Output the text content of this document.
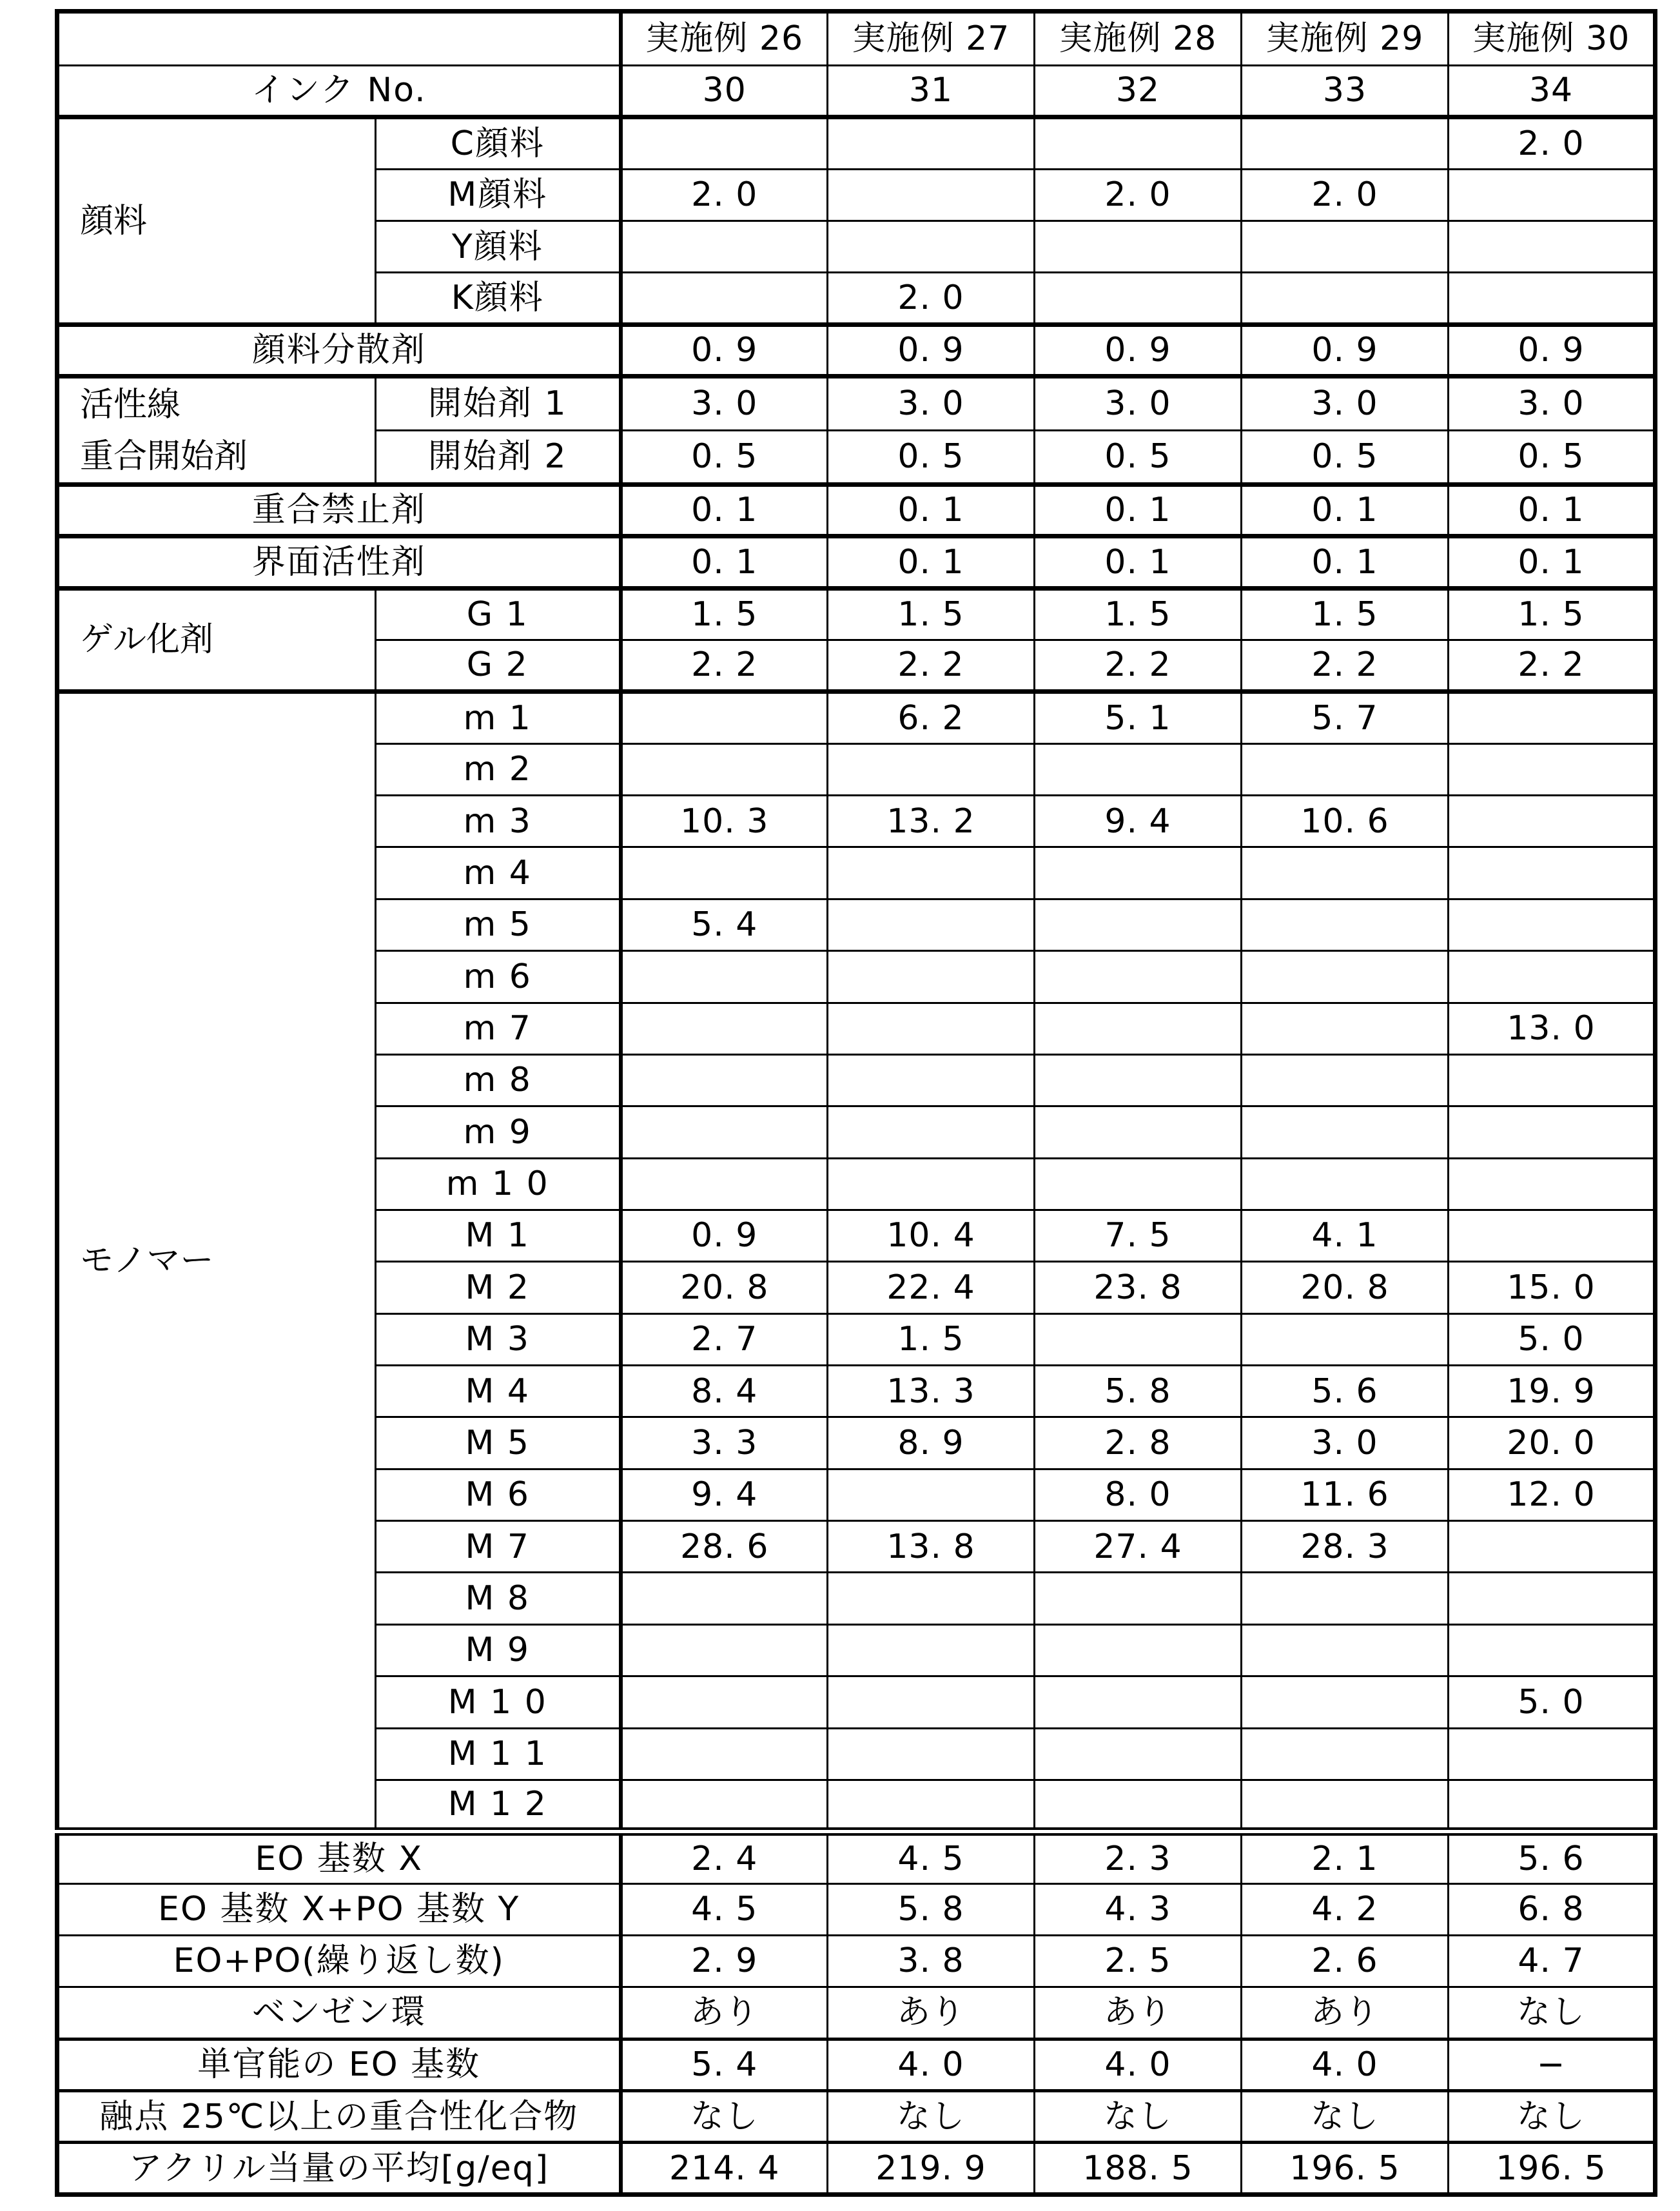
		実施例 26	実施例 27	実施例 28	実施例 29	実施例 30
インク No.		30	31	32	33	34
顔料	C顔料					2. 0
	M顔料	2. 0		2. 0	2. 0	
	Y顔料					
	K顔料		2. 0			
顔料分散剤		0. 9	0. 9	0. 9	0. 9	0. 9
活性線
重合開始剤	開始剤 1	3. 0	3. 0	3. 0	3. 0	3. 0
	開始剤 2	0. 5	0. 5	0. 5	0. 5	0. 5
重合禁止剤		0. 1	0. 1	0. 1	0. 1	0. 1
界面活性剤		0. 1	0. 1	0. 1	0. 1	0. 1
ゲル化剤	G 1	1. 5	1. 5	1. 5	1. 5	1. 5
	G 2	2. 2	2. 2	2. 2	2. 2	2. 2
モノマー	m 1		6. 2	5. 1	5. 7	
	m 2					
	m 3	10. 3	13. 2	9. 4	10. 6	
	m 4					
	m 5	5. 4				
	m 6					
	m 7					13. 0
	m 8					
	m 9					
	m 1 0					
	M 1	0. 9	10. 4	7. 5	4. 1	
	M 2	20. 8	22. 4	23. 8	20. 8	15. 0
	M 3	2. 7	1. 5			5. 0
	M 4	8. 4	13. 3	5. 8	5. 6	19. 9
	M 5	3. 3	8. 9	2. 8	3. 0	20. 0
	M 6	9. 4		8. 0	11. 6	12. 0
	M 7	28. 6	13. 8	27. 4	28. 3	
	M 8					
	M 9					
	M 1 0					5. 0
	M 1 1					
	M 1 2					
EO 基数 X		2. 4	4. 5	2. 3	2. 1	5. 6
EO 基数 X+PO 基数 Y		4. 5	5. 8	4. 3	4. 2	6. 8
EO+PO(繰り返し数)		2. 9	3. 8	2. 5	2. 6	4. 7
ベンゼン環		あり	あり	あり	あり	なし
単官能の EO 基数		5. 4	4. 0	4. 0	4. 0	−
融点 25℃以上の重合性化合物		なし	なし	なし	なし	なし
アクリル当量の平均[g/eq]		214. 4	219. 9	188. 5	196. 5	196. 5
